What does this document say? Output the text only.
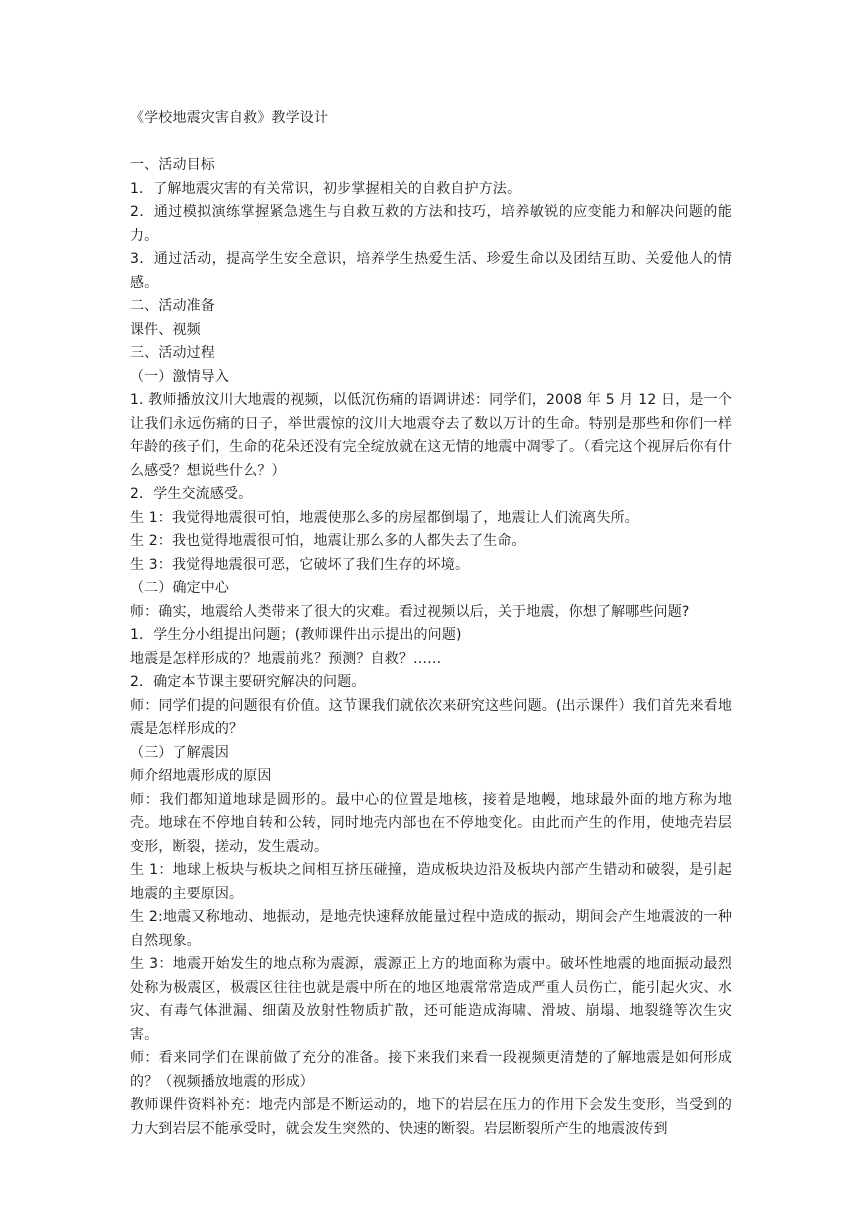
《学校地震灾害自救》教学设计

一、活动目标

1．了解地震灾害的有关常识，初步掌握相关的自救自护方法。

2．通过模拟演练掌握紧急逃生与自救互救的方法和技巧，培养敏锐的应变能力和解决问题的能力。

3．通过活动，提高学生安全意识，培养学生热爱生活、珍爱生命以及团结互助、关爱他人的情感。

二、活动准备

课件、视频

三、活动过程

（一）激情导入

1. 教师播放汶川大地震的视频，以低沉伤痛的语调讲述：同学们，2008 年 5 月 12 日，是一个让我们永远伤痛的日子，举世震惊的汶川大地震夺去了数以万计的生命。特别是那些和你们一样年龄的孩子们，生命的花朵还没有完全绽放就在这无情的地震中凋零了。（看完这个视屏后你有什么感受？想说些什么？）

2．学生交流感受。

生 1：我觉得地震很可怕，地震使那么多的房屋都倒塌了，地震让人们流离失所。

生 2：我也觉得地震很可怕，地震让那么多的人都失去了生命。

生 3：我觉得地震很可恶，它破坏了我们生存的坏境。

（二）确定中心

师：确实，地震给人类带来了很大的灾难。看过视频以后，关于地震，你想了解哪些问题?

1．学生分小组提出问题；(教师课件出示提出的问题)

地震是怎样形成的？地震前兆？预测？自救？……

2．确定本节课主要研究解决的问题。

师：同学们提的问题很有价值。这节课我们就依次来研究这些问题。(出示课件）我们首先来看地震是怎样形成的？

（三）了解震因

师介绍地震形成的原因

师：我们都知道地球是圆形的。最中心的位置是地核，接着是地幔，地球最外面的地方称为地壳。地球在不停地自转和公转，同时地壳内部也在不停地变化。由此而产生的作用，使地壳岩层变形，断裂，搓动，发生震动。

生 1：地球上板块与板块之间相互挤压碰撞，造成板块边沿及板块内部产生错动和破裂，是引起地震的主要原因。

生 2:地震又称地动、地振动，是地壳快速释放能量过程中造成的振动，期间会产生地震波的一种自然现象。

生 3：地震开始发生的地点称为震源，震源正上方的地面称为震中。破坏性地震的地面振动最烈处称为极震区，极震区往往也就是震中所在的地区地震常常造成严重人员伤亡，能引起火灾、水灾、有毒气体泄漏、细菌及放射性物质扩散，还可能造成海啸、滑坡、崩塌、地裂缝等次生灾害。

师：看来同学们在课前做了充分的准备。接下来我们来看一段视频更清楚的了解地震是如何形成的？（视频播放地震的形成）

教师课件资料补充：地壳内部是不断运动的，地下的岩层在压力的作用下会发生变形，当受到的力大到岩层不能承受时，就会发生突然的、快速的断裂。岩层断裂所产生的地震波传到
